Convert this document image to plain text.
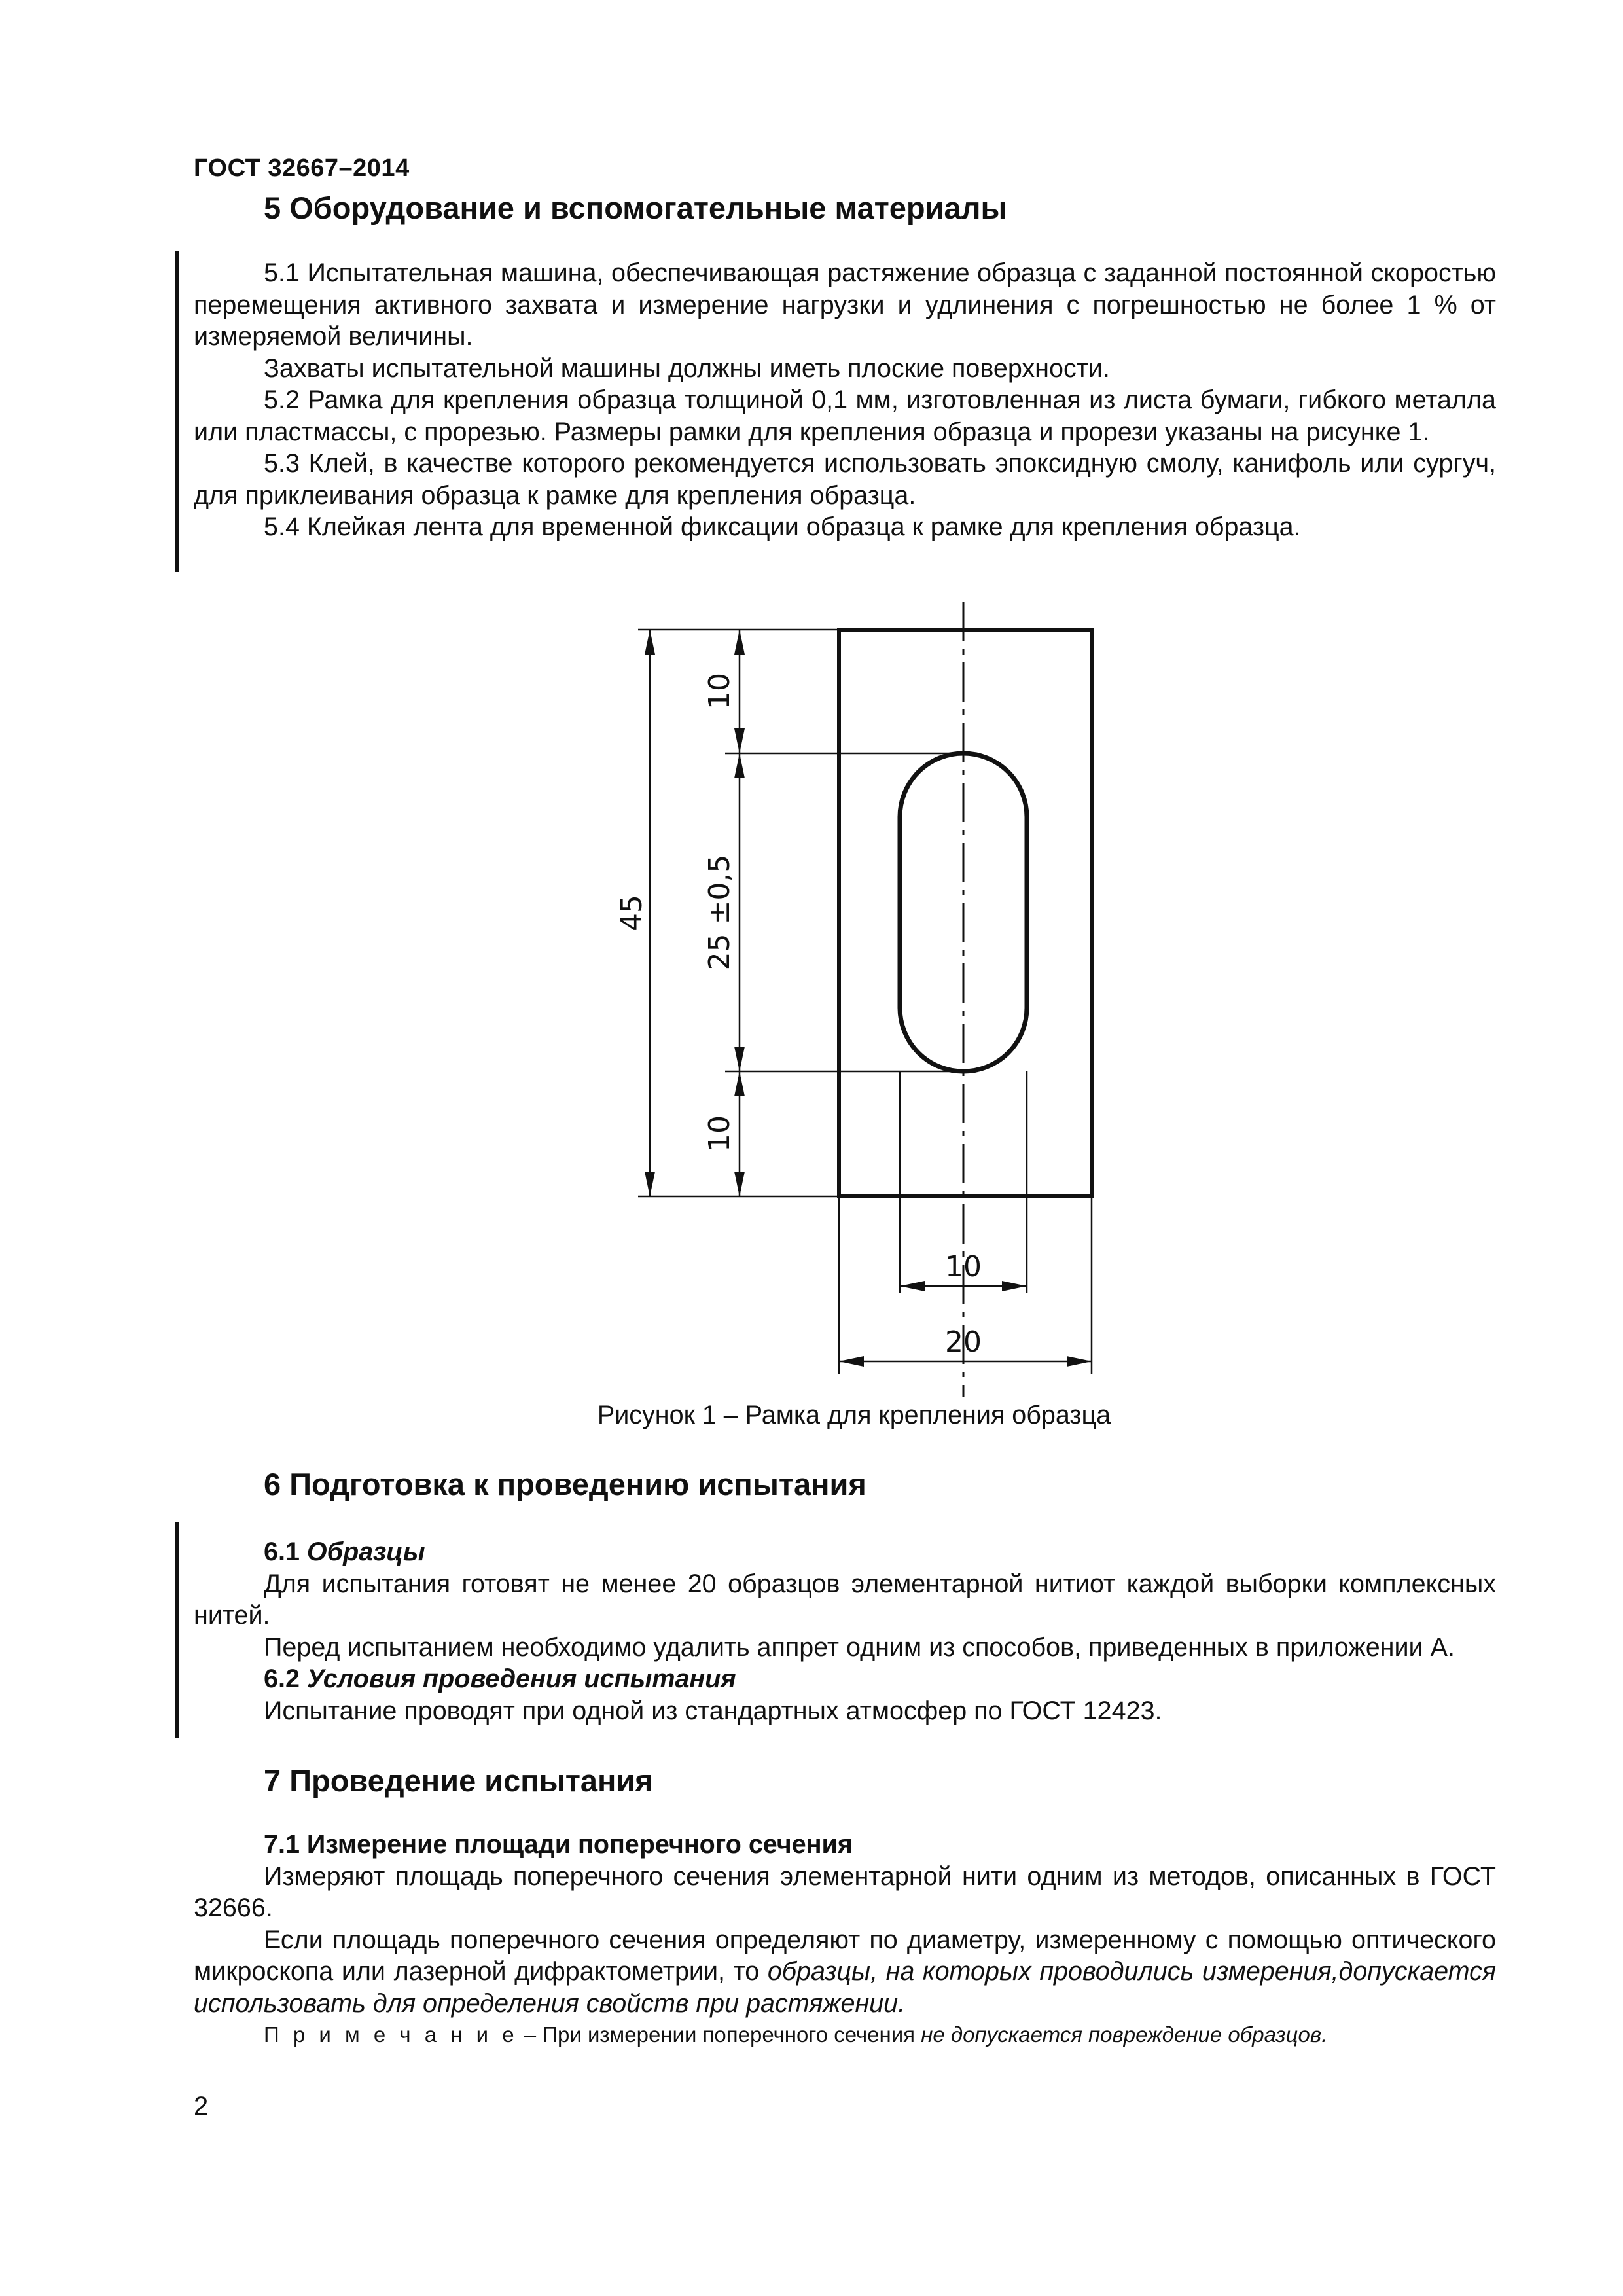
ГОСТ 32667–2014
5 Оборудование и вспомогательные материалы

5.1 Испытательная машина, обеспечивающая растяжение образца с заданной постоянной скоростью перемещения активного захвата и измерение нагрузки и удлинения с погрешностью не более 1 % от измеряемой величины.

Захваты испытательной машины должны иметь плоские поверхности.

5.2 Рамка для крепления образца толщиной 0,1 мм, изготовленная из листа бумаги, гибкого металла или пластмассы, с прорезью. Размеры рамки для крепления образца и прорези указаны на рисунке 1.

5.3 Клей, в качестве которого рекомендуется использовать эпоксидную смолу, канифоль или сургуч, для приклеивания образца к рамке для крепления образца.

5.4 Клейкая лента для временной фиксации образца к рамке для крепления образца.

45
10
25 ±0,5
10
10
20
Рисунок 1 – Рамка для крепления образца
6 Подготовка к проведению испытания

6.1 Образцы

Для испытания готовят не менее 20 образцов элементарной нитиот каждой выборки комплексных нитей.

Перед испытанием необходимо удалить аппрет одним из способов, приведенных в приложении А.

6.2 Условия проведения испытания

Испытание проводят при одной из стандартных атмосфер по ГОСТ 12423.

7 Проведение испытания

7.1 Измерение площади поперечного сечения

Измеряют площадь поперечного сечения элементарной нити одним из методов, описанных в ГОСТ 32666.

Если площадь поперечного сечения определяют по диаметру, измеренному с помощью оптического микроскопа или лазерной дифрактометрии, то образцы, на которых проводились измерения,допускается использовать для определения свойств при растяжении.

П р и м е ч а н и е – При измерении поперечного сечения не допускается повреждение образцов.

2
